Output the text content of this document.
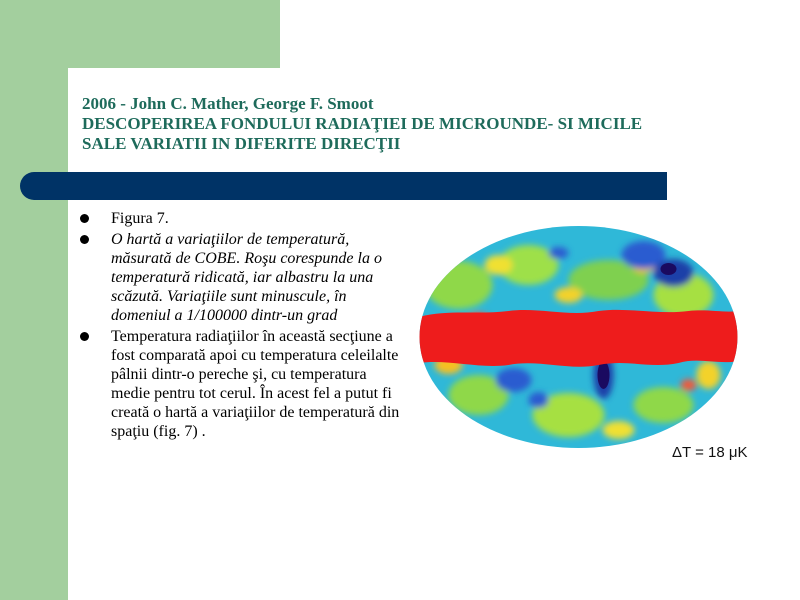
2006 - John C. Mather, George F. Smoot
DESCOPERIREA FONDULUI RADIAŢIEI DE MICROUNDE- SI MICILE
SALE VARIATII IN DIFERITE DIRECŢII
Figura 7.
O hartă a variaţiilor de temperatură, măsurată de COBE. Roşu corespunde la o temperatură ridicată, iar albastru la una scăzută. Variaţiile sunt minuscule, în domeniul a 1/100000 dintr-un grad
Temperatura radiaţiilor în această secţiune a fost comparată apoi cu temperatura celeilalte pâlnii dintr-o pereche şi, cu temperatura medie pentru tot cerul. În acest fel a putut fi creată o hartă a variaţiilor de temperatură din spaţiu (fig. 7) .
ΔT = 18 μK
